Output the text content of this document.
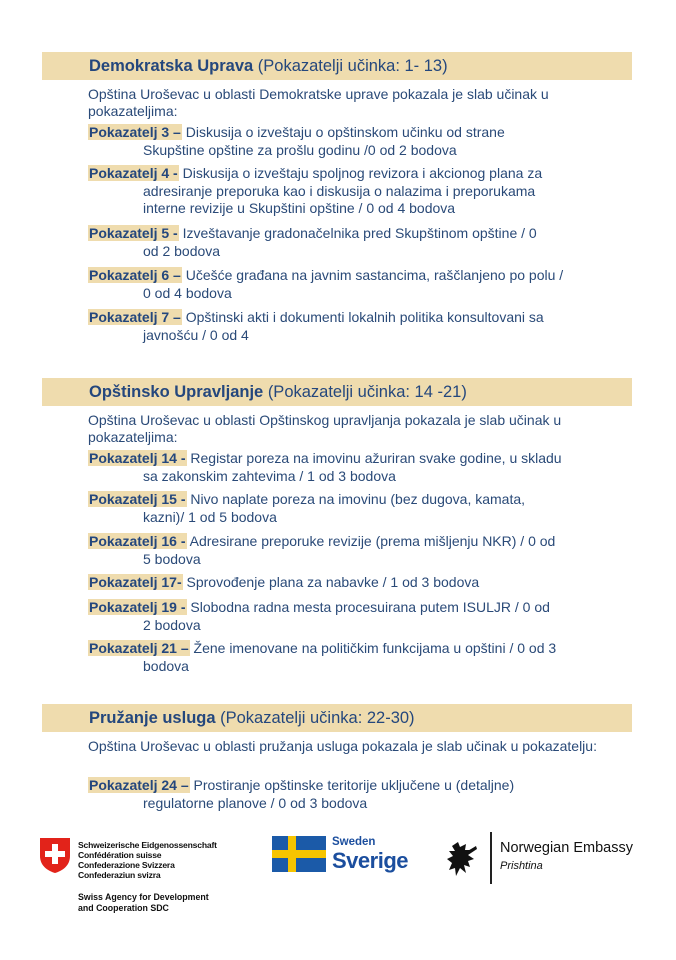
Demokratska Uprava (Pokazatelji učinka: 1- 13)
Opština Uroševac u oblasti Demokratske uprave pokazala je slab učinak u pokazateljima:
Pokazatelj 3 – Diskusija o izveštaju o opštinskom učinku od strane
Skupštine opštine za prošlu godinu /0 od 2 bodova
Pokazatelj 4 - Diskusija o izveštaju spoljnog revizora i akcionog plana za
adresiranje preporuka kao i diskusija o nalazima i preporukama
interne revizije u Skupštini opštine / 0 od 4 bodova
Pokazatelj 5 - Izveštavanje gradonačelnika pred Skupštinom opštine / 0
od 2 bodova
Pokazatelj 6 – Učešće građana na javnim sastancima, raščlanjeno po polu /
0 od 4 bodova
Pokazatelj 7 – Opštinski akti i dokumenti lokalnih politika konsultovani sa
javnošću / 0 od 4
Opštinsko Upravljanje (Pokazatelji učinka: 14 -21)
Opština Uroševac u oblasti Opštinskog upravljanja pokazala je slab učinak u pokazateljima:
Pokazatelj 14 - Registar poreza na imovinu ažuriran svake godine, u skladu
sa zakonskim zahtevima / 1 od 3 bodova
Pokazatelj 15 - Nivo naplate poreza na imovinu (bez dugova, kamata,
kazni)/ 1 od 5 bodova
Pokazatelj 16 - Adresirane preporuke revizije (prema mišljenju NKR) / 0 od
5 bodova
Pokazatelj 17- Sprovođenje plana za nabavke / 1 od 3 bodova
Pokazatelj 19 - Slobodna radna mesta procesuirana putem ISULJR / 0 od
2 bodova
Pokazatelj 21 – Žene imenovane na političkim funkcijama u opštini / 0 od 3
bodova
Pružanje usluga (Pokazatelji učinka: 22-30)
Opština Uroševac u oblasti pružanja usluga pokazala je slab učinak u pokazatelju:
Pokazatelj 24 – Prostiranje opštinske teritorije uključene u (detaljne)
regulatorne planove / 0 od 3 bodova
Schweizerische Eidgenossenschaft
Confédération suisse
Confederazione Svizzera
Confederaziun svizra
Swiss Agency for Development
and Cooperation SDC
Sweden
Sverige	Norwegian Embassy
Prishtina
